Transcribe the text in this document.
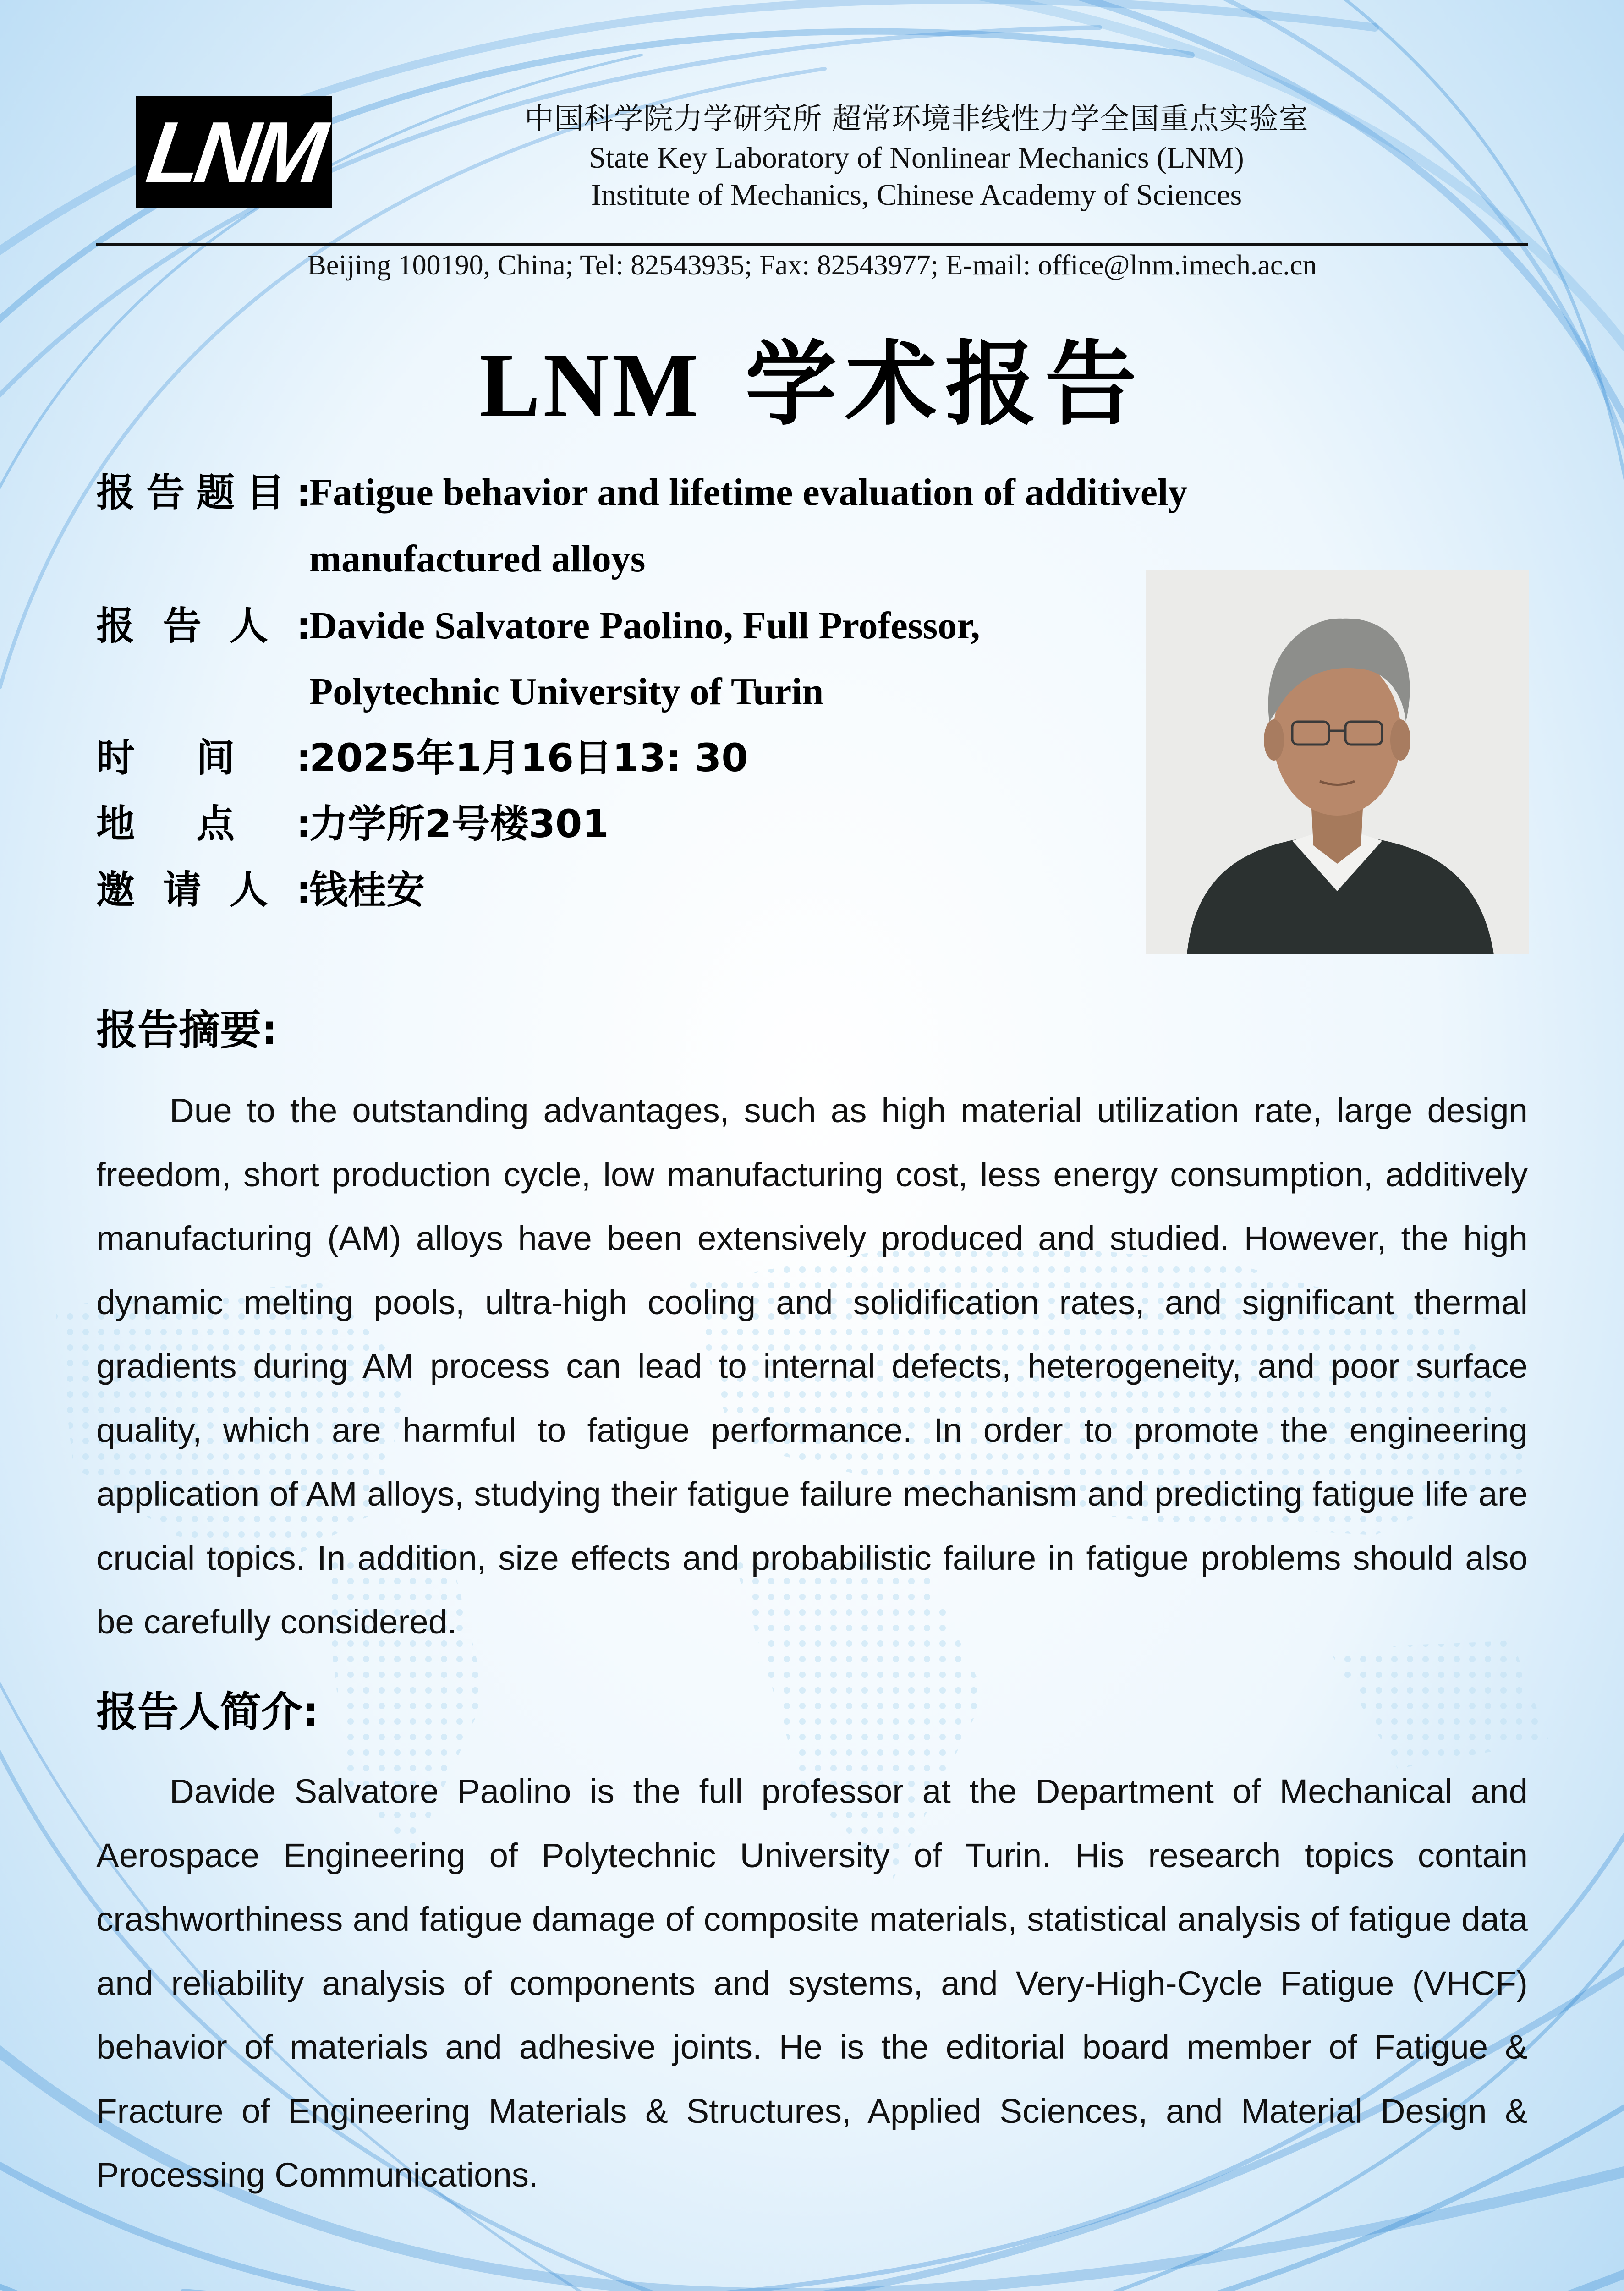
LNM	中国科学院力学研究所 超常环境非线性力学全国重点实验室
State Key Laboratory of Nonlinear Mechanics (LNM)
Institute of Mechanics, Chinese Academy of Sciences
Beijing 100190, China; Tel: 82543935; Fax: 82543977; E-mail: office@lnm.imech.ac.cn
LNM 学术报告
报告题目:
Fatigue behavior and lifetime evaluation of additively
manufactured alloys
报告人:
Davide Salvatore Paolino, Full Professor,
Polytechnic University of Turin
时间:
2025年1月16日13: 30
地点:
力学所2号楼301
邀请人:
钱桂安
报告摘要:

Due to the outstanding advantages, such as high material utilization rate, large design freedom, short production cycle, low manufacturing cost, less energy consumption, additively manufacturing (AM) alloys have been extensively produced and studied. However, the high dynamic melting pools, ultra-high cooling and solidification rates, and significant thermal gradients during AM process can lead to internal defects, heterogeneity, and poor surface quality, which are harmful to fatigue performance. In order to promote the engineering application of AM alloys, studying their fatigue failure mechanism and predicting fatigue life are crucial topics. In addition, size effects and probabilistic failure in fatigue problems should also be carefully considered.

报告人简介:

Davide Salvatore Paolino is the full professor at the Department of Mechanical and Aerospace Engineering of Polytechnic University of Turin. His research topics contain crashworthiness and fatigue damage of composite materials, statistical analysis of fatigue data and reliability analysis of components and systems, and Very-High-Cycle Fatigue (VHCF) behavior of materials and adhesive joints. He is the editorial board member of Fatigue & Fracture of Engineering Materials & Structures, Applied Sciences, and Material Design & Processing Communications.
